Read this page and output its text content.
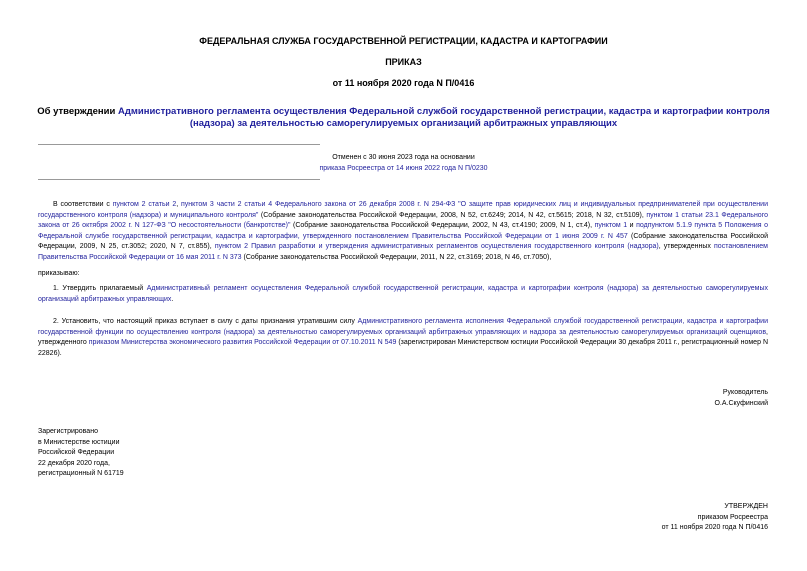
ФЕДЕРАЛЬНАЯ СЛУЖБА ГОСУДАРСТВЕННОЙ РЕГИСТРАЦИИ, КАДАСТРА И КАРТОГРАФИИ
ПРИКАЗ
от 11 ноября 2020 года N П/0416
Об утверждении Административного регламента осуществления Федеральной службой государственной регистрации, кадастра и картографии контроля (надзора) за деятельностью саморегулируемых организаций арбитражных управляющих
Отменен с 30 июня 2023 года на основании
приказа Росреестра от 14 июня 2022 года N П/0230
В соответствии с пунктом 2 статьи 2, пунктом 3 части 2 статьи 4 Федерального закона от 26 декабря 2008 г. N 294-ФЗ "О защите прав юридических лиц и индивидуальных предпринимателей при осуществлении государственного контроля (надзора) и муниципального контроля" (Собрание законодательства Российской Федерации, 2008, N 52, ст.6249; 2014, N 42, ст.5615; 2018, N 32, ст.5109), пунктом 1 статьи 23.1 Федерального закона от 26 октября 2002 г. N 127-ФЗ "О несостоятельности (банкротстве)" (Собрание законодательства Российской Федерации, 2002, N 43, ст.4190; 2009, N 1, ст.4), пунктом 1 и подпунктом 5.1.9 пункта 5 Положения о Федеральной службе государственной регистрации, кадастра и картографии, утвержденного постановлением Правительства Российской Федерации от 1 июня 2009 г. N 457 (Собрание законодательства Российской Федерации, 2009, N 25, ст.3052; 2020, N 7, ст.855), пунктом 2 Правил разработки и утверждения административных регламентов осуществления государственного контроля (надзора), утвержденных постановлением Правительства Российской Федерации от 16 мая 2011 г. N 373 (Собрание законодательства Российской Федерации, 2011, N 22, ст.3169; 2018, N 46, ст.7050),
приказываю:
1. Утвердить прилагаемый Административный регламент осуществления Федеральной службой государственной регистрации, кадастра и картографии контроля (надзора) за деятельностью саморегулируемых организаций арбитражных управляющих.
2. Установить, что настоящий приказ вступает в силу с даты признания утратившим силу Административного регламента исполнения Федеральной службой государственной регистрации, кадастра и картографии государственной функции по осуществлению контроля (надзора) за деятельностью саморегулируемых организаций арбитражных управляющих и надзора за деятельностью саморегулируемых организаций оценщиков, утвержденного приказом Министерства экономического развития Российской Федерации от 07.10.2011 N 549 (зарегистрирован Министерством юстиции Российской Федерации 30 декабря 2011 г., регистрационный номер N 22826).
Руководитель
О.А.Скуфинский
Зарегистрировано
в Министерстве юстиции
Российской Федерации
22 декабря 2020 года,
регистрационный N 61719
УТВЕРЖДЕН
приказом Росреестра
от 11 ноября 2020 года N П/0416
